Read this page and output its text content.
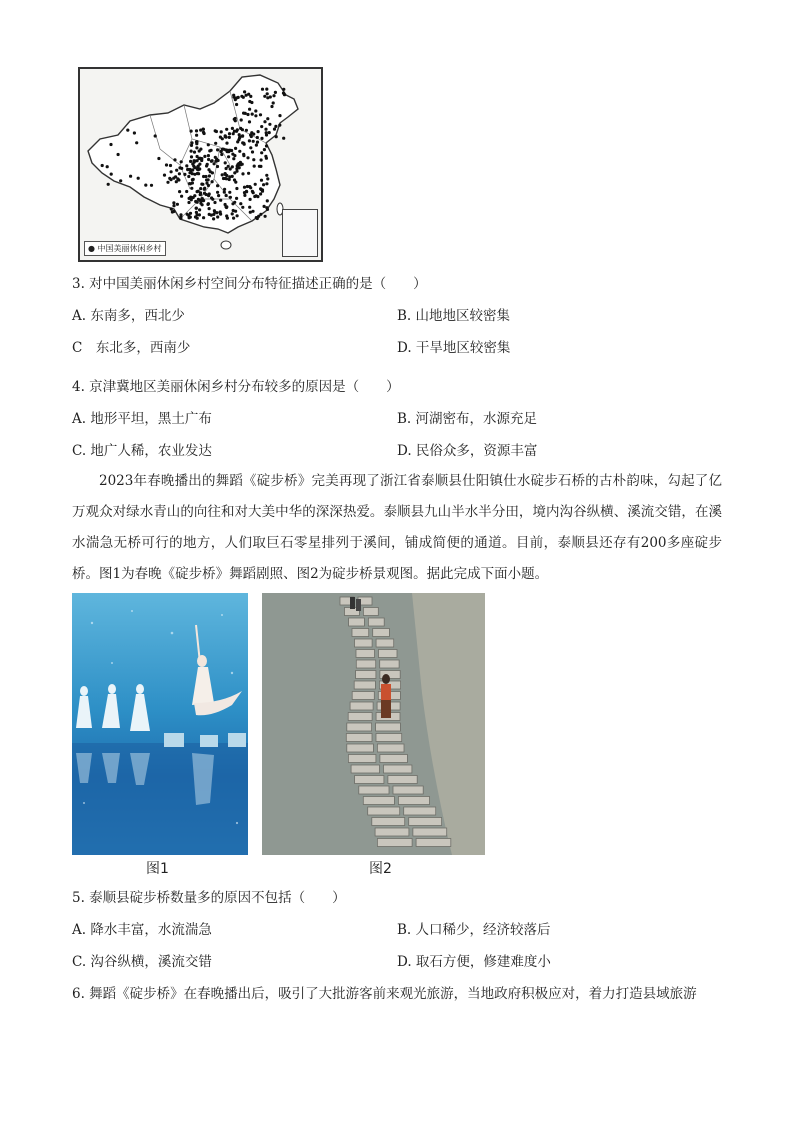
● 中国美丽休闲乡村
3. 对中国美丽休闲乡村空间分布特征描述正确的是（　　）
A. 东南多，西北少	B. 山地地区较密集
C　东北多，西南少	D. 干旱地区较密集
4. 京津冀地区美丽休闲乡村分布较多的原因是（　　）
A. 地形平坦，黑土广布	B. 河湖密布，水源充足
C. 地广人稀，农业发达	D. 民俗众多，资源丰富
2023年春晚播出的舞蹈《碇步桥》完美再现了浙江省泰顺县仕阳镇仕水碇步石桥的古朴韵味，勾起了亿万观众对绿水青山的向往和对大美中华的深深热爱。泰顺县九山半水半分田，境内沟谷纵横、溪流交错，在溪水湍急无桥可行的地方，人们取巨石零星排列于溪间，铺成简便的通道。目前，泰顺县还存有200多座碇步桥。图1为春晚《碇步桥》舞蹈剧照、图2为碇步桥景观图。据此完成下面小题。
图1	图2
5. 泰顺县碇步桥数量多的原因不包括（　　）
A. 降水丰富，水流湍急	B. 人口稀少，经济较落后
C. 沟谷纵横，溪流交错	D. 取石方便，修建难度小
6. 舞蹈《碇步桥》在春晚播出后，吸引了大批游客前来观光旅游，当地政府积极应对，着力打造县域旅游
